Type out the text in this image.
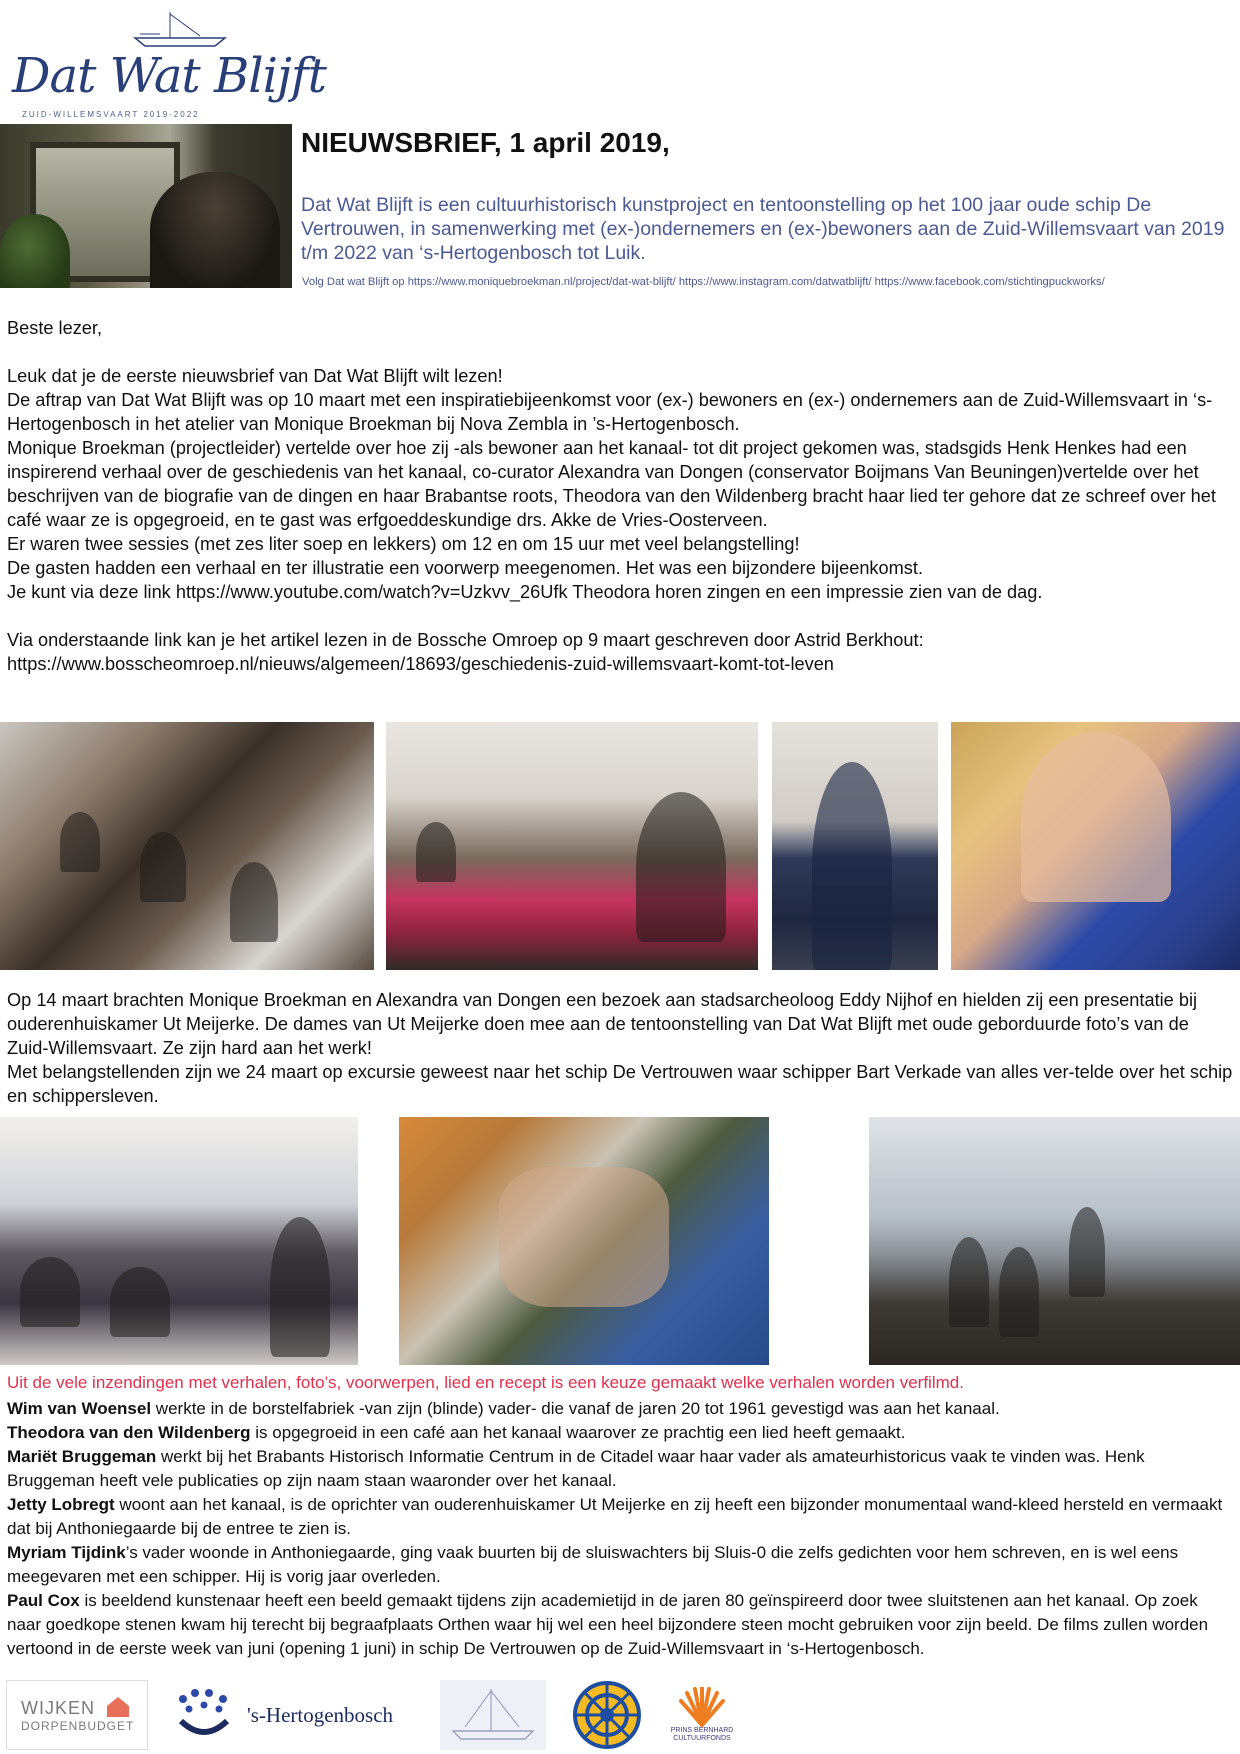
Dat Wat Blijft
ZUID-WILLEMSVAART 2019-2022
NIEUWSBRIEF, 1 april 2019,
Dat Wat Blijft is een cultuurhistorisch kunstproject en tentoonstelling op het 100 jaar oude schip De Vertrouwen, in samenwerking met (ex-)ondernemers en (ex-)bewoners aan de Zuid-Willemsvaart van 2019 t/m 2022 van ‘s-Hertogenbosch tot Luik.
Volg Dat wat Blijft op https://www.moniquebroekman.nl/project/dat-wat-blijft/ https://www.instagram.com/datwatblijft/ https://www.facebook.com/stichtingpuckworks/

Beste lezer,

Leuk dat je de eerste nieuwsbrief van Dat Wat Blijft wilt lezen!

De aftrap van Dat Wat Blijft was op 10 maart met een inspiratiebijeenkomst voor (ex-) bewoners en (ex-) ondernemers aan de Zuid-Willemsvaart in ‘s-Hertogenbosch in het atelier van Monique Broekman bij Nova Zembla in ’s-Hertogenbosch.

Monique Broekman (projectleider) vertelde over hoe zij -als bewoner aan het kanaal- tot dit project gekomen was, stadsgids Henk Henkes had een inspirerend verhaal over de geschiedenis van het kanaal, co-curator Alexandra van Dongen (conservator Boijmans Van Beuningen)vertelde over het beschrijven van de biografie van de dingen en haar Brabantse roots, Theodora van den Wildenberg bracht haar lied ter gehore dat ze schreef over het café waar ze is opgegroeid, en te gast was erfgoeddeskundige drs. Akke de Vries-Oosterveen.

Er waren twee sessies (met zes liter soep en lekkers) om 12 en om 15 uur met veel belangstelling!

De gasten hadden een verhaal en ter illustratie een voorwerp meegenomen. Het was een bijzondere bijeenkomst.

Je kunt via deze link https://www.youtube.com/watch?v=Uzkvv_26Ufk Theodora horen zingen en een impressie zien van de dag.

Via onderstaande link kan je het artikel lezen in de Bossche Omroep op 9 maart geschreven door Astrid Berkhout:

https://www.bosscheomroep.nl/nieuws/algemeen/18693/geschiedenis-zuid-willemsvaart-komt-tot-leven

Op 14 maart brachten Monique Broekman en Alexandra van Dongen een bezoek aan stadsarcheoloog Eddy Nijhof en hielden zij een presentatie bij ouderenhuiskamer Ut Meijerke. De dames van Ut Meijerke doen mee aan de tentoonstelling van Dat Wat Blijft met oude geborduurde foto’s van de Zuid-Willemsvaart. Ze zijn hard aan het werk!

Met belangstellenden zijn we 24 maart op excursie geweest naar het schip De Vertrouwen waar schipper Bart Verkade van alles ver-telde over het schip en schippersleven.

Uit de vele inzendingen met verhalen, foto’s, voorwerpen, lied en recept is een keuze gemaakt welke verhalen worden verfilmd.

Wim van Woensel werkte in de borstelfabriek -van zijn (blinde) vader- die vanaf de jaren 20 tot 1961 gevestigd was aan het kanaal.

Theodora van den Wildenberg is opgegroeid in een café aan het kanaal waarover ze prachtig een lied heeft gemaakt.

Mariët Bruggeman werkt bij het Brabants Historisch Informatie Centrum in de Citadel waar haar vader als amateurhistoricus vaak te vinden was. Henk Bruggeman heeft vele publicaties op zijn naam staan waaronder over het kanaal.

Jetty Lobregt woont aan het kanaal, is de oprichter van ouderenhuiskamer Ut Meijerke en zij heeft een bijzonder monumentaal wand-kleed hersteld en vermaakt dat bij Anthoniegaarde bij de entree te zien is.

Myriam Tijdink’s vader woonde in Anthoniegaarde, ging vaak buurten bij de sluiswachters bij Sluis-0 die zelfs gedichten voor hem schreven, en is wel eens meegevaren met een schipper. Hij is vorig jaar overleden.

Paul Cox is beeldend kunstenaar heeft een beeld gemaakt tijdens zijn academietijd in de jaren 80 geïnspireerd door twee sluitstenen aan het kanaal. Op zoek naar goedkope stenen kwam hij terecht bij begraafplaats Orthen waar hij wel een heel bijzondere steen mocht gebruiken voor zijn beeld. De films zullen worden vertoond in de eerste week van juni (opening 1 juni) in schip De Vertrouwen op de Zuid-Willemsvaart in ‘s-Hertogenbosch.

WIJKEN
DORPENBUDGET	's-Hertogenbosch
PRINS BERNHARD CULTUURFONDS
